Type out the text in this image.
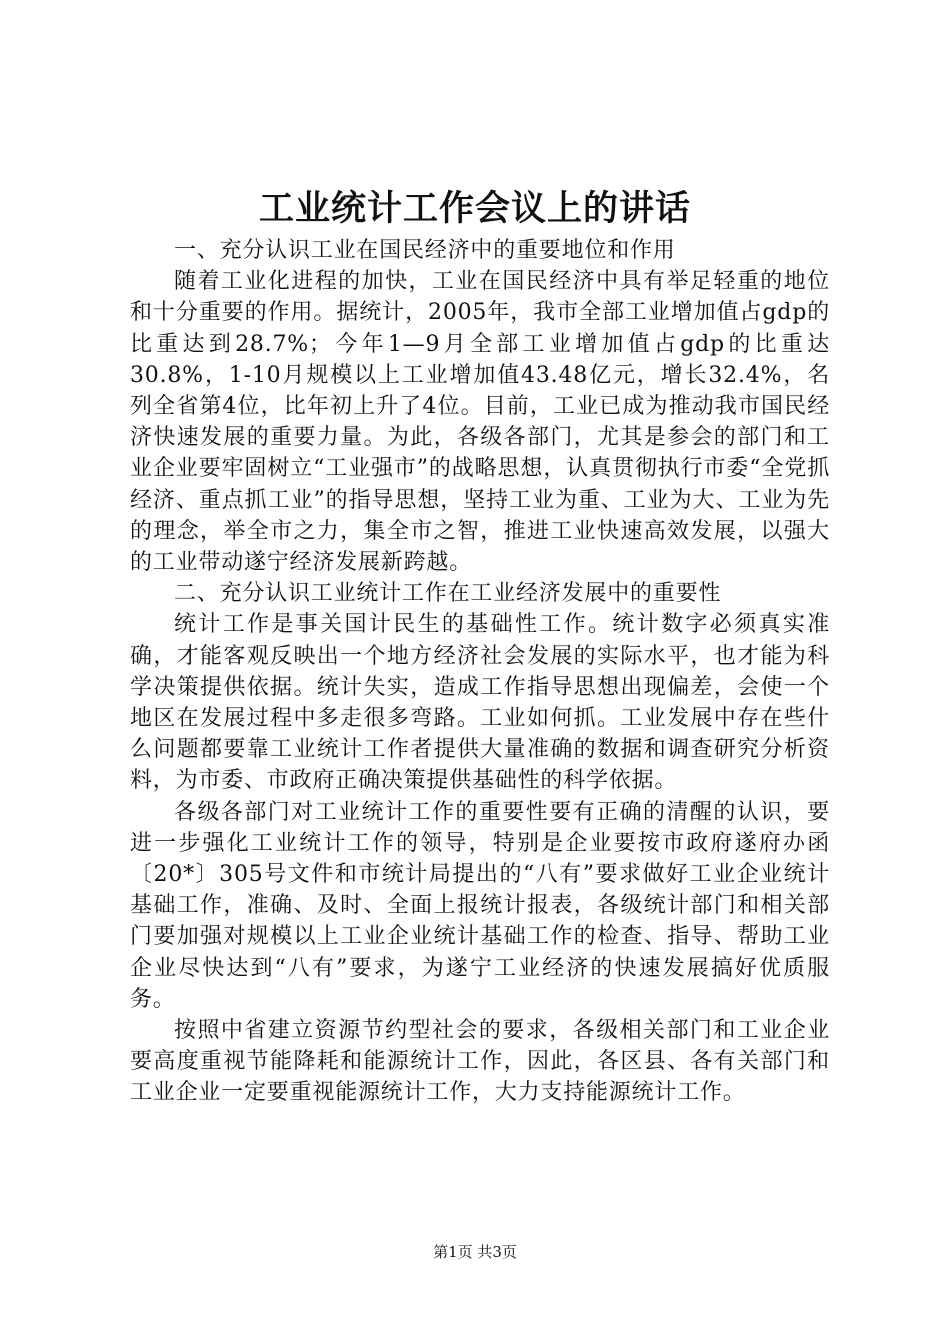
工业统计工作会议上的讲话

一、充分认识工业在国民经济中的重要地位和作用

随着工业化进程的加快，工业在国民经济中具有举足轻重的地位和十分重要的作用。据统计，2005年，我市全部工业增加值占gdp的比重达到28.7%；今年1—9月全部工业增加值占gdp的比重达30.8%，1-10月规模以上工业增加值43.48亿元，增长32.4%，名列全省第4位，比年初上升了4位。目前，工业已成为推动我市国民经济快速发展的重要力量。为此，各级各部门，尤其是参会的部门和工业企业要牢固树立“工业强市”的战略思想，认真贯彻执行市委“全党抓经济、重点抓工业”的指导思想，坚持工业为重、工业为大、工业为先的理念，举全市之力，集全市之智，推进工业快速高效发展，以强大的工业带动遂宁经济发展新跨越。

二、充分认识工业统计工作在工业经济发展中的重要性

统计工作是事关国计民生的基础性工作。统计数字必须真实准确，才能客观反映出一个地方经济社会发展的实际水平，也才能为科学决策提供依据。统计失实，造成工作指导思想出现偏差，会使一个地区在发展过程中多走很多弯路。工业如何抓。工业发展中存在些什么问题都要靠工业统计工作者提供大量准确的数据和调查研究分析资料，为市委、市政府正确决策提供基础性的科学依据。

各级各部门对工业统计工作的重要性要有正确的清醒的认识，要进一步强化工业统计工作的领导，特别是企业要按市政府遂府办函〔20*〕305号文件和市统计局提出的“八有”要求做好工业企业统计基础工作，准确、及时、全面上报统计报表，各级统计部门和相关部门要加强对规模以上工业企业统计基础工作的检查、指导、帮助工业企业尽快达到“八有”要求，为遂宁工业经济的快速发展搞好优质服务。

按照中省建立资源节约型社会的要求，各级相关部门和工业企业要高度重视节能降耗和能源统计工作，因此，各区县、各有关部门和工业企业一定要重视能源统计工作，大力支持能源统计工作。

第1页 共3页
